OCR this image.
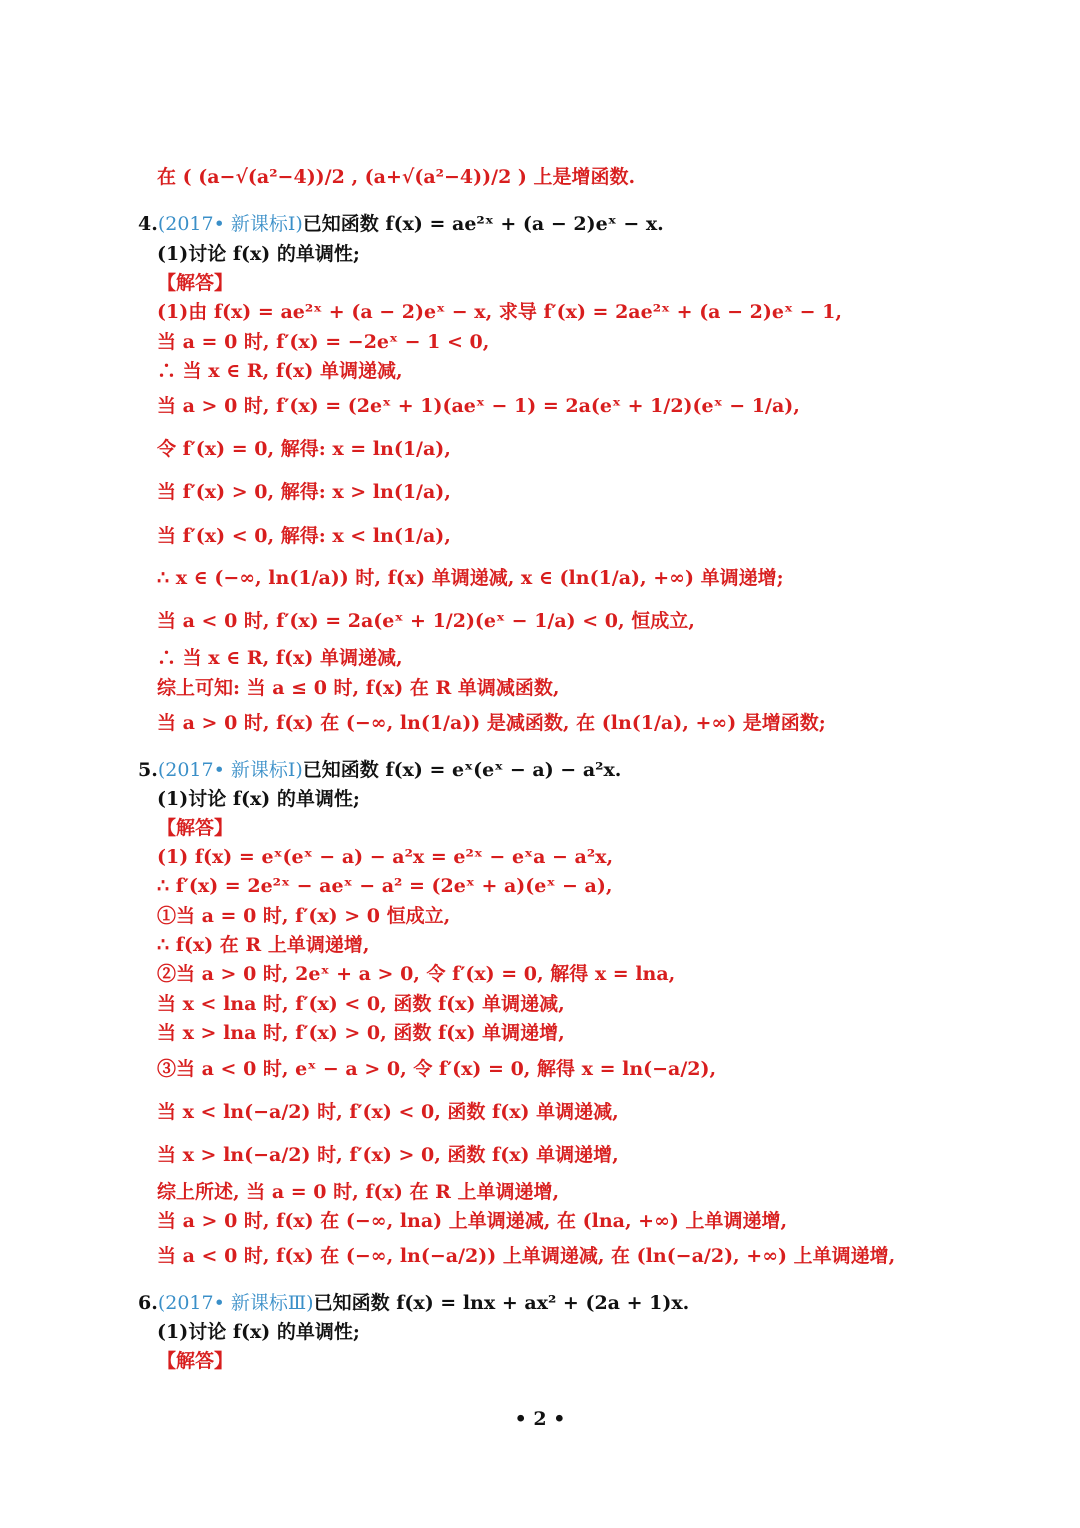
在 ( (a−√(a²−4))/2 , (a+√(a²−4))/2 ) 上是增函数.
4.(2017• 新课标Ⅰ)已知函数 f(x) = ae²ˣ + (a − 2)eˣ − x.
(1)讨论 f(x) 的单调性;
【解答】
(1)由 f(x) = ae²ˣ + (a − 2)eˣ − x, 求导 f′(x) = 2ae²ˣ + (a − 2)eˣ − 1,
当 a = 0 时, f′(x) = −2eˣ − 1 < 0,
∴ 当 x ∈ R, f(x) 单调递减,
当 a > 0 时, f′(x) = (2eˣ + 1)(aeˣ − 1) = 2a(eˣ + 1/2)(eˣ − 1/a),
令 f′(x) = 0, 解得: x = ln(1/a),
当 f′(x) > 0, 解得: x > ln(1/a),
当 f′(x) < 0, 解得: x < ln(1/a),
∴ x ∈ (−∞, ln(1/a)) 时, f(x) 单调递减, x ∈ (ln(1/a), +∞) 单调递增;
当 a < 0 时, f′(x) = 2a(eˣ + 1/2)(eˣ − 1/a) < 0, 恒成立,
∴ 当 x ∈ R, f(x) 单调递减,
综上可知: 当 a ≤ 0 时, f(x) 在 R 单调减函数,
当 a > 0 时, f(x) 在 (−∞, ln(1/a)) 是减函数, 在 (ln(1/a), +∞) 是增函数;
5.(2017• 新课标Ⅰ)已知函数 f(x) = eˣ(eˣ − a) − a²x.
(1)讨论 f(x) 的单调性;
【解答】
(1) f(x) = eˣ(eˣ − a) − a²x = e²ˣ − eˣa − a²x,
∴ f′(x) = 2e²ˣ − aeˣ − a² = (2eˣ + a)(eˣ − a),
①当 a = 0 时, f′(x) > 0 恒成立,
∴ f(x) 在 R 上单调递增,
②当 a > 0 时, 2eˣ + a > 0, 令 f′(x) = 0, 解得 x = lna,
当 x < lna 时, f′(x) < 0, 函数 f(x) 单调递减,
当 x > lna 时, f′(x) > 0, 函数 f(x) 单调递增,
③当 a < 0 时, eˣ − a > 0, 令 f′(x) = 0, 解得 x = ln(−a/2),
当 x < ln(−a/2) 时, f′(x) < 0, 函数 f(x) 单调递减,
当 x > ln(−a/2) 时, f′(x) > 0, 函数 f(x) 单调递增,
综上所述, 当 a = 0 时, f(x) 在 R 上单调递增,
当 a > 0 时, f(x) 在 (−∞, lna) 上单调递减, 在 (lna, +∞) 上单调递增,
当 a < 0 时, f(x) 在 (−∞, ln(−a/2)) 上单调递减, 在 (ln(−a/2), +∞) 上单调递增,
6.(2017• 新课标Ⅲ)已知函数 f(x) = lnx + ax² + (2a + 1)x.
(1)讨论 f(x) 的单调性;
【解答】
• 2 •
